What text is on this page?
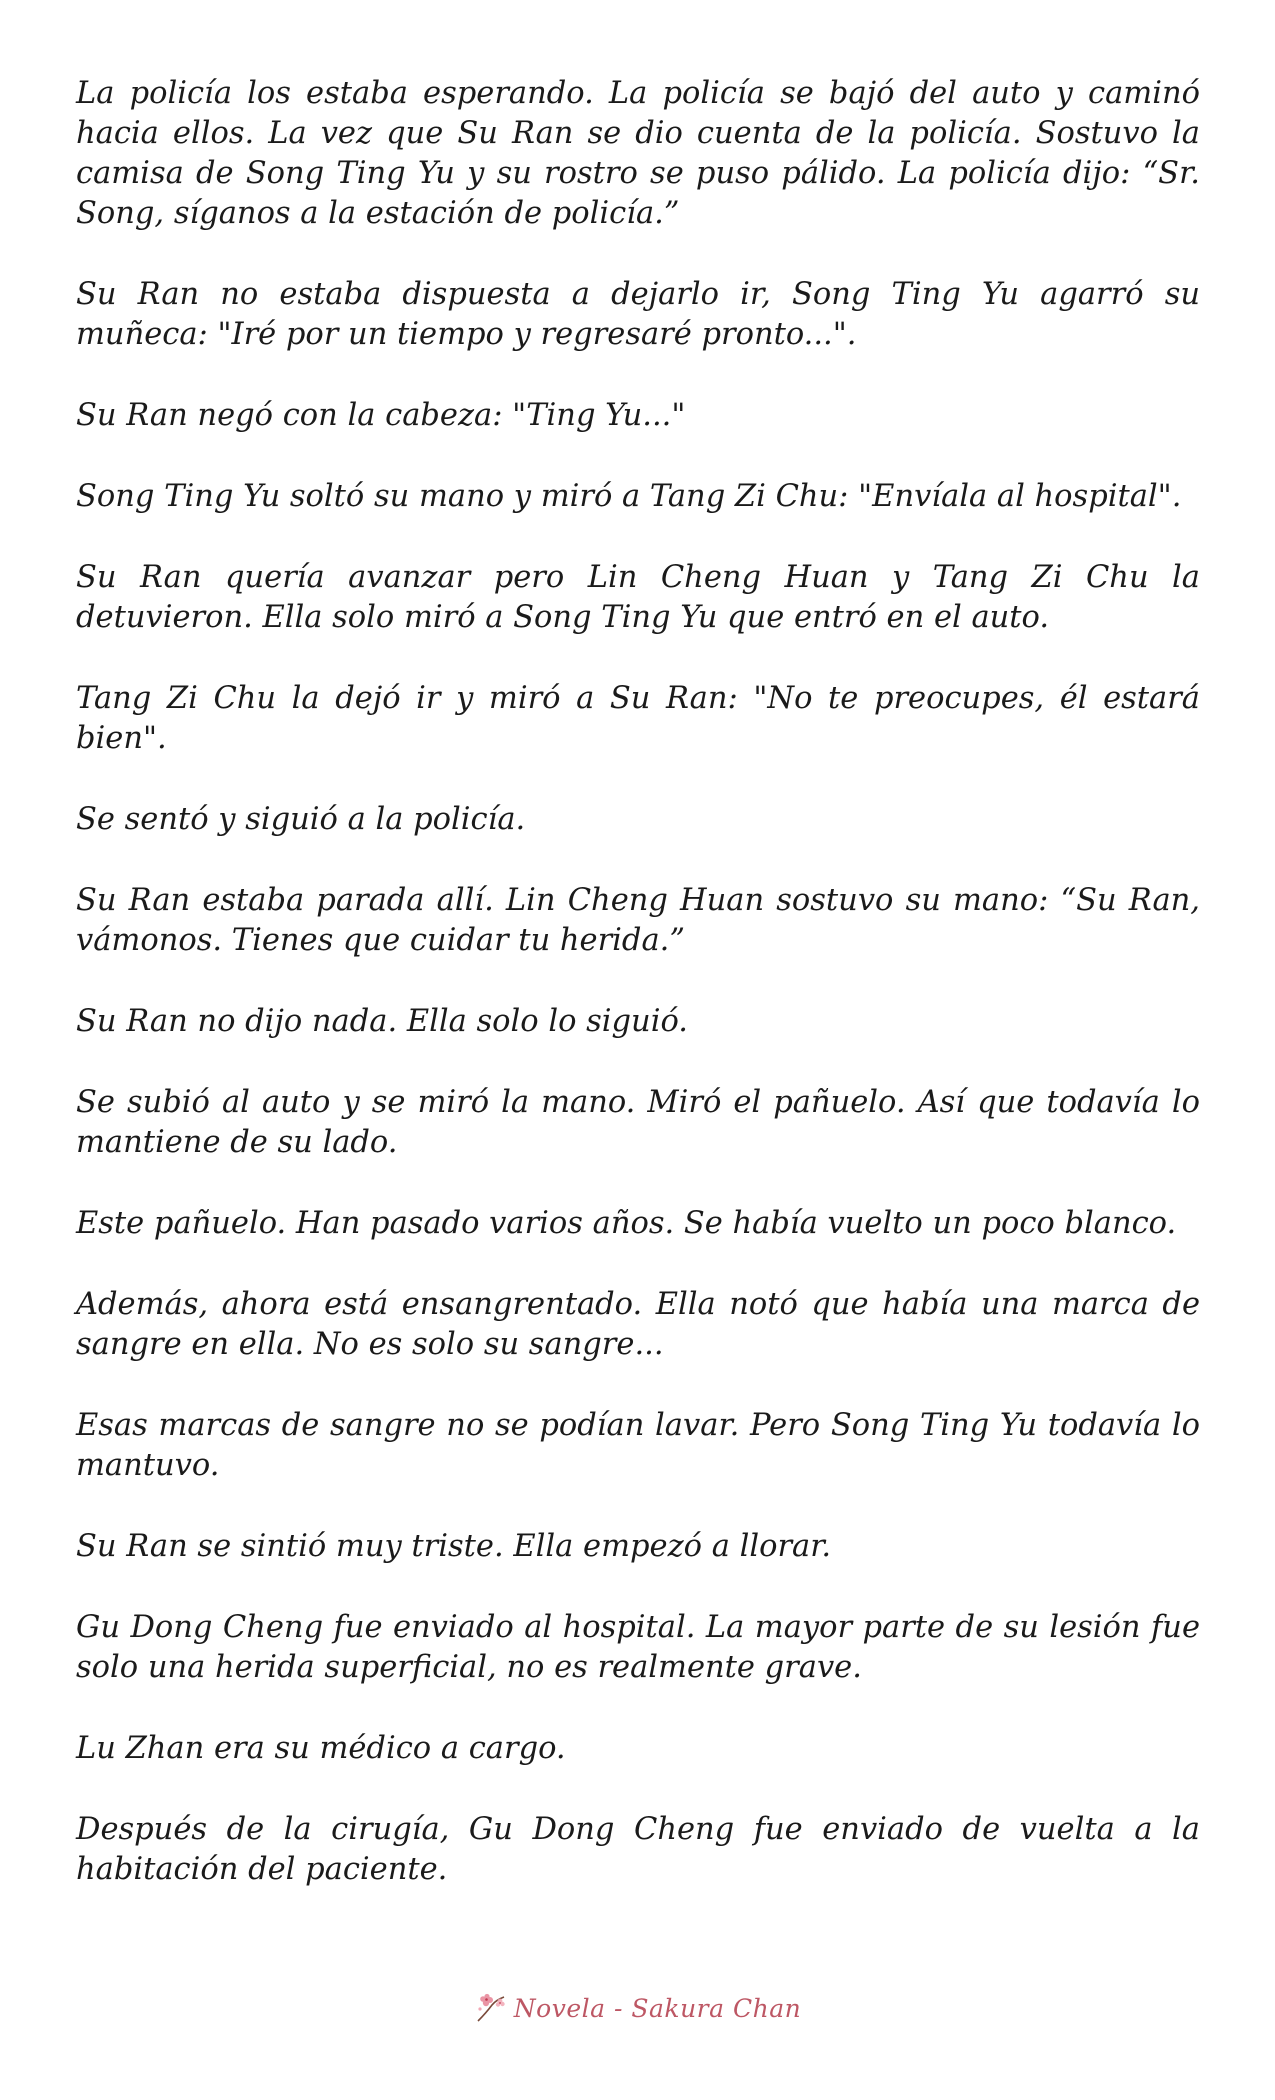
La policía los estaba esperando. La policía se bajó del auto y caminó hacia ellos. La vez que Su Ran se dio cuenta de la policía. Sostuvo la camisa de Song Ting Yu y su rostro se puso pálido. La policía dijo: “Sr. Song, síganos a la estación de policía.”

Su Ran no estaba dispuesta a dejarlo ir, Song Ting Yu agarró su muñeca: "Iré por un tiempo y regresaré pronto...".

Su Ran negó con la cabeza: "Ting Yu..."

Song Ting Yu soltó su mano y miró a Tang Zi Chu: "Envíala al hospital".

Su Ran quería avanzar pero Lin Cheng Huan y Tang Zi Chu la detuvieron. Ella solo miró a Song Ting Yu que entró en el auto.

Tang Zi Chu la dejó ir y miró a Su Ran: "No te preocupes, él estará bien".

Se sentó y siguió a la policía.

Su Ran estaba parada allí. Lin Cheng Huan sostuvo su mano: “Su Ran, vámonos. Tienes que cuidar tu herida.”

Su Ran no dijo nada. Ella solo lo siguió.

Se subió al auto y se miró la mano. Miró el pañuelo. Así que todavía lo mantiene de su lado.

Este pañuelo. Han pasado varios años. Se había vuelto un poco blanco.

Además, ahora está ensangrentado. Ella notó que había una marca de sangre en ella. No es solo su sangre...

Esas marcas de sangre no se podían lavar. Pero Song Ting Yu todavía lo mantuvo.

Su Ran se sintió muy triste. Ella empezó a llorar.

Gu Dong Cheng fue enviado al hospital. La mayor parte de su lesión fue solo una herida superficial, no es realmente grave.

Lu Zhan era su médico a cargo.

Después de la cirugía, Gu Dong Cheng fue enviado de vuelta a la habitación del paciente.

Novela - Sakura Chan
